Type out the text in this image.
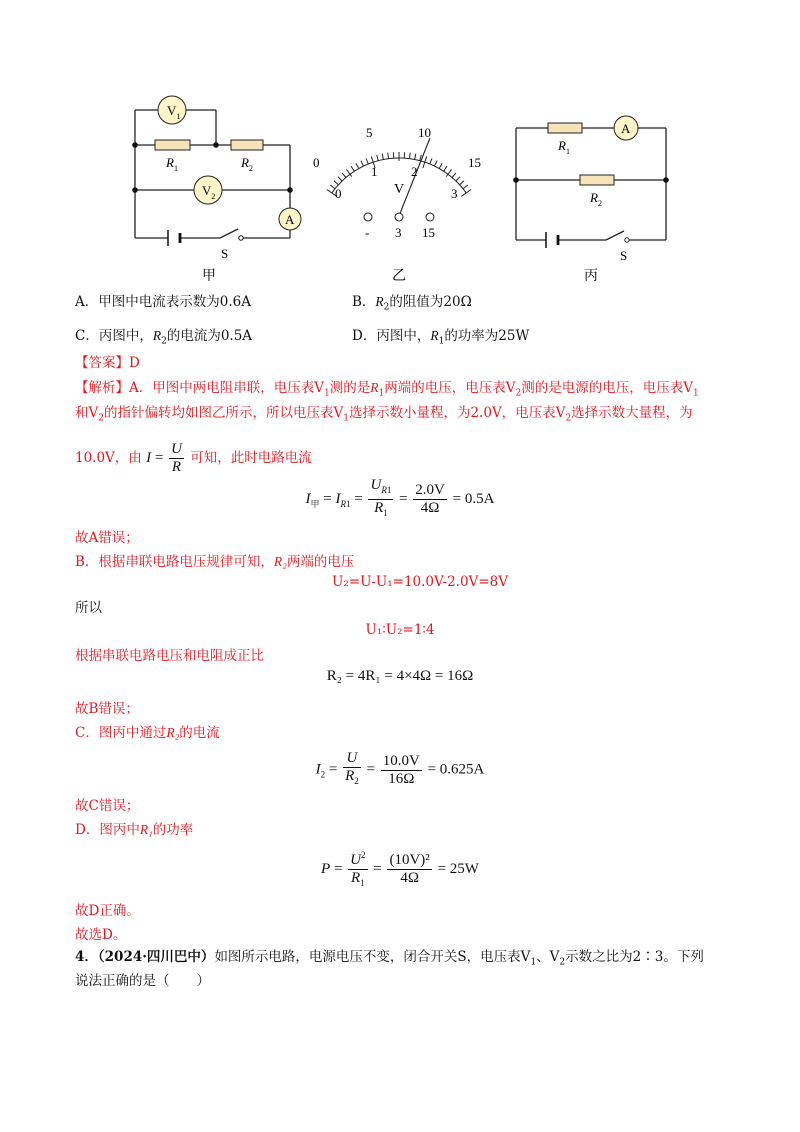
$V_1$
$V_2$
A
$R_1$	$R_2$
S
甲
0
5	10
15
0
1	2
3
V
- 3 15
乙
A
$R_1$
$R_2$
S
丙
A．甲图中电流表示数为0.6A	B．$R_2$的阻值为20Ω
C．丙图中，$R_2$的电流为0.5A	D．丙图中，$R_1$的功率为25W
【答案】D
【解析】A．甲图中两电阻串联，电压表$V_1$测的是$R_1$两端的电压，电压表$V_2$测的是电源的电压，电压表$V_1$
和$V_2$的指针偏转均如图乙所示，所以电压表$V_1$选择示数小量程，为2.0V，电压表$V_2$选择示数大量程，为
10.0V，由 $I = \frac{U}{R}$ 可知，此时电路电流
$I_甲 = I_{R1} = \frac{U_{R1}}{R_1} = \frac{2.0V}{4\Omega} = 0.5A$
故A错误；
B．根据串联电路电压规律可知，R₂两端的电压
U₂=U-U₁=10.0V-2.0V=8V
所以
U₁∶U₂=1∶4
根据串联电路电压和电阻成正比
R₂ = 4R₁ = 4×4Ω = 16Ω
故B错误；
C．图丙中通过R₂的电流
$I_2 = \frac{U}{R_2} = \frac{10.0V}{16\Omega} = 0.625A$
故C错误；
D．图丙中R₁的功率
$P = \frac{U^2}{R_1} = \frac{\text{(10V)²}}{4\Omega} = 25W$
故D正确。
故选D。
4．（2024·四川巴中）如图所示电路，电源电压不变，闭合开关S，电压表$V_1$、$V_2$示数之比为2∶3。下列
说法正确的是（　　）
